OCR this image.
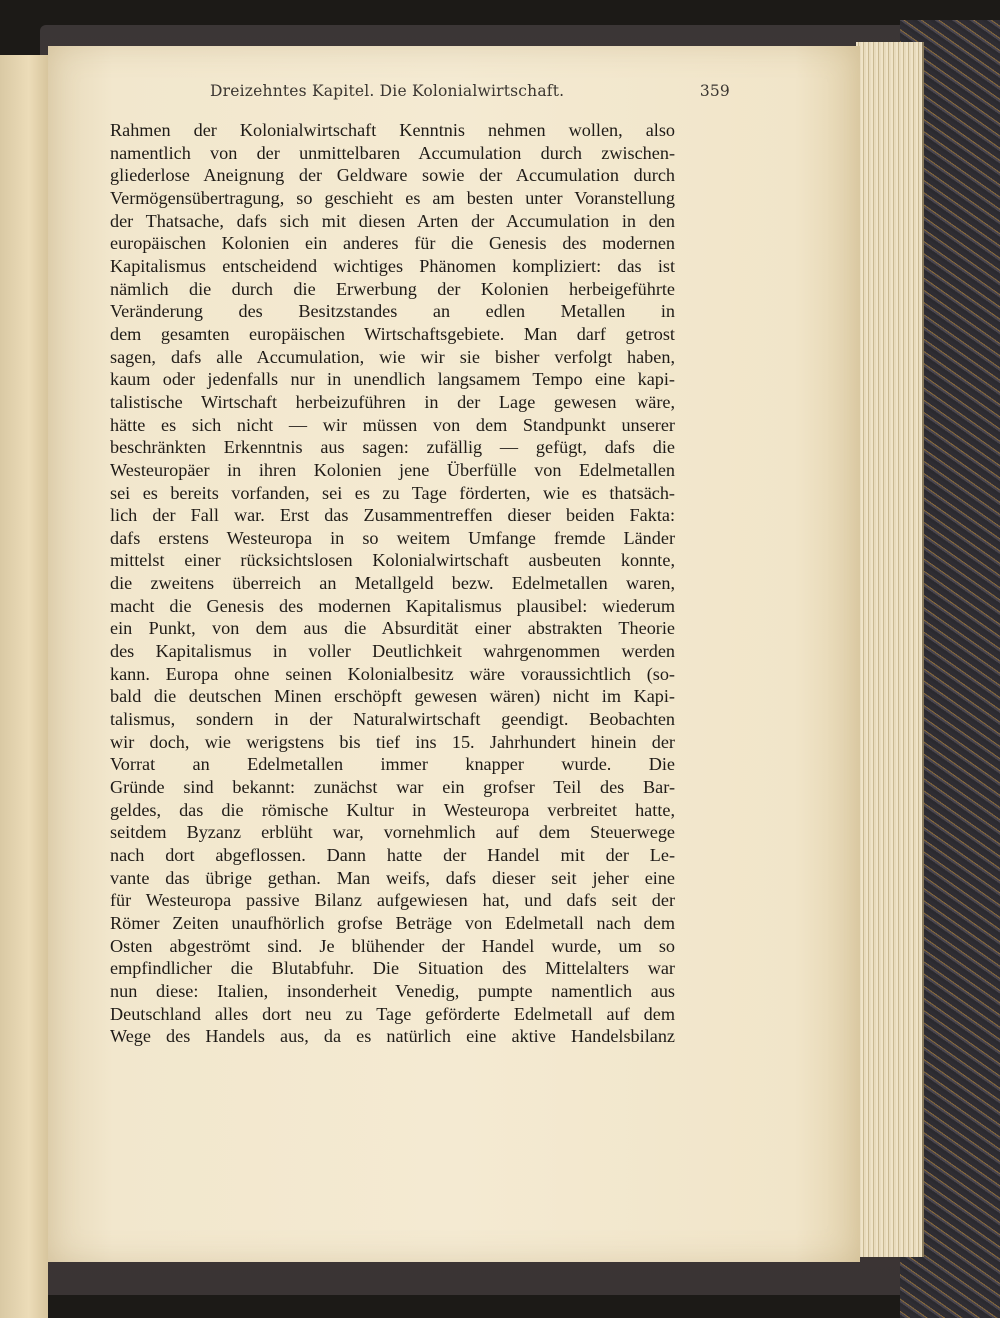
Dreizehntes Kapitel. Die Kolonialwirtschaft.	359
Rahmen der Kolonialwirtschaft Kenntnis nehmen wollen, also
namentlich von der unmittelbaren Accumulation durch zwischen-
gliederlose Aneignung der Geldware sowie der Accumulation durch
Vermögensübertragung, so geschieht es am besten unter Voranstellung
der Thatsache, dafs sich mit diesen Arten der Accumulation in den
europäischen Kolonien ein anderes für die Genesis des modernen
Kapitalismus entscheidend wichtiges Phänomen kompliziert: das ist
nämlich die durch die Erwerbung der Kolonien herbeigeführte
Veränderung des Besitzstandes an edlen Metallen in
dem gesamten europäischen Wirtschaftsgebiete. Man darf getrost
sagen, dafs alle Accumulation, wie wir sie bisher verfolgt haben,
kaum oder jedenfalls nur in unendlich langsamem Tempo eine kapi-
talistische Wirtschaft herbeizuführen in der Lage gewesen wäre,
hätte es sich nicht — wir müssen von dem Standpunkt unserer
beschränkten Erkenntnis aus sagen: zufällig — gefügt, dafs die
Westeuropäer in ihren Kolonien jene Überfülle von Edelmetallen
sei es bereits vorfanden, sei es zu Tage förderten, wie es thatsäch-
lich der Fall war. Erst das Zusammentreffen dieser beiden Fakta:
dafs erstens Westeuropa in so weitem Umfange fremde Länder
mittelst einer rücksichtslosen Kolonialwirtschaft ausbeuten konnte,
die zweitens überreich an Metallgeld bezw. Edelmetallen waren,
macht die Genesis des modernen Kapitalismus plausibel: wiederum
ein Punkt, von dem aus die Absurdität einer abstrakten Theorie
des Kapitalismus in voller Deutlichkeit wahrgenommen werden
kann. Europa ohne seinen Kolonialbesitz wäre voraussichtlich (so-
bald die deutschen Minen erschöpft gewesen wären) nicht im Kapi-
talismus, sondern in der Naturalwirtschaft geendigt. Beobachten
wir doch, wie werigstens bis tief ins 15. Jahrhundert hinein der
Vorrat an Edelmetallen immer knapper wurde. Die
Gründe sind bekannt: zunächst war ein grofser Teil des Bar-
geldes, das die römische Kultur in Westeuropa verbreitet hatte,
seitdem Byzanz erblüht war, vornehmlich auf dem Steuerwege
nach dort abgeflossen. Dann hatte der Handel mit der Le-
vante das übrige gethan. Man weifs, dafs dieser seit jeher eine
für Westeuropa passive Bilanz aufgewiesen hat, und dafs seit der
Römer Zeiten unaufhörlich grofse Beträge von Edelmetall nach dem
Osten abgeströmt sind. Je blühender der Handel wurde, um so
empfindlicher die Blutabfuhr. Die Situation des Mittelalters war
nun diese: Italien, insonderheit Venedig, pumpte namentlich aus
Deutschland alles dort neu zu Tage geförderte Edelmetall auf dem
Wege des Handels aus, da es natürlich eine aktive Handelsbilanz
